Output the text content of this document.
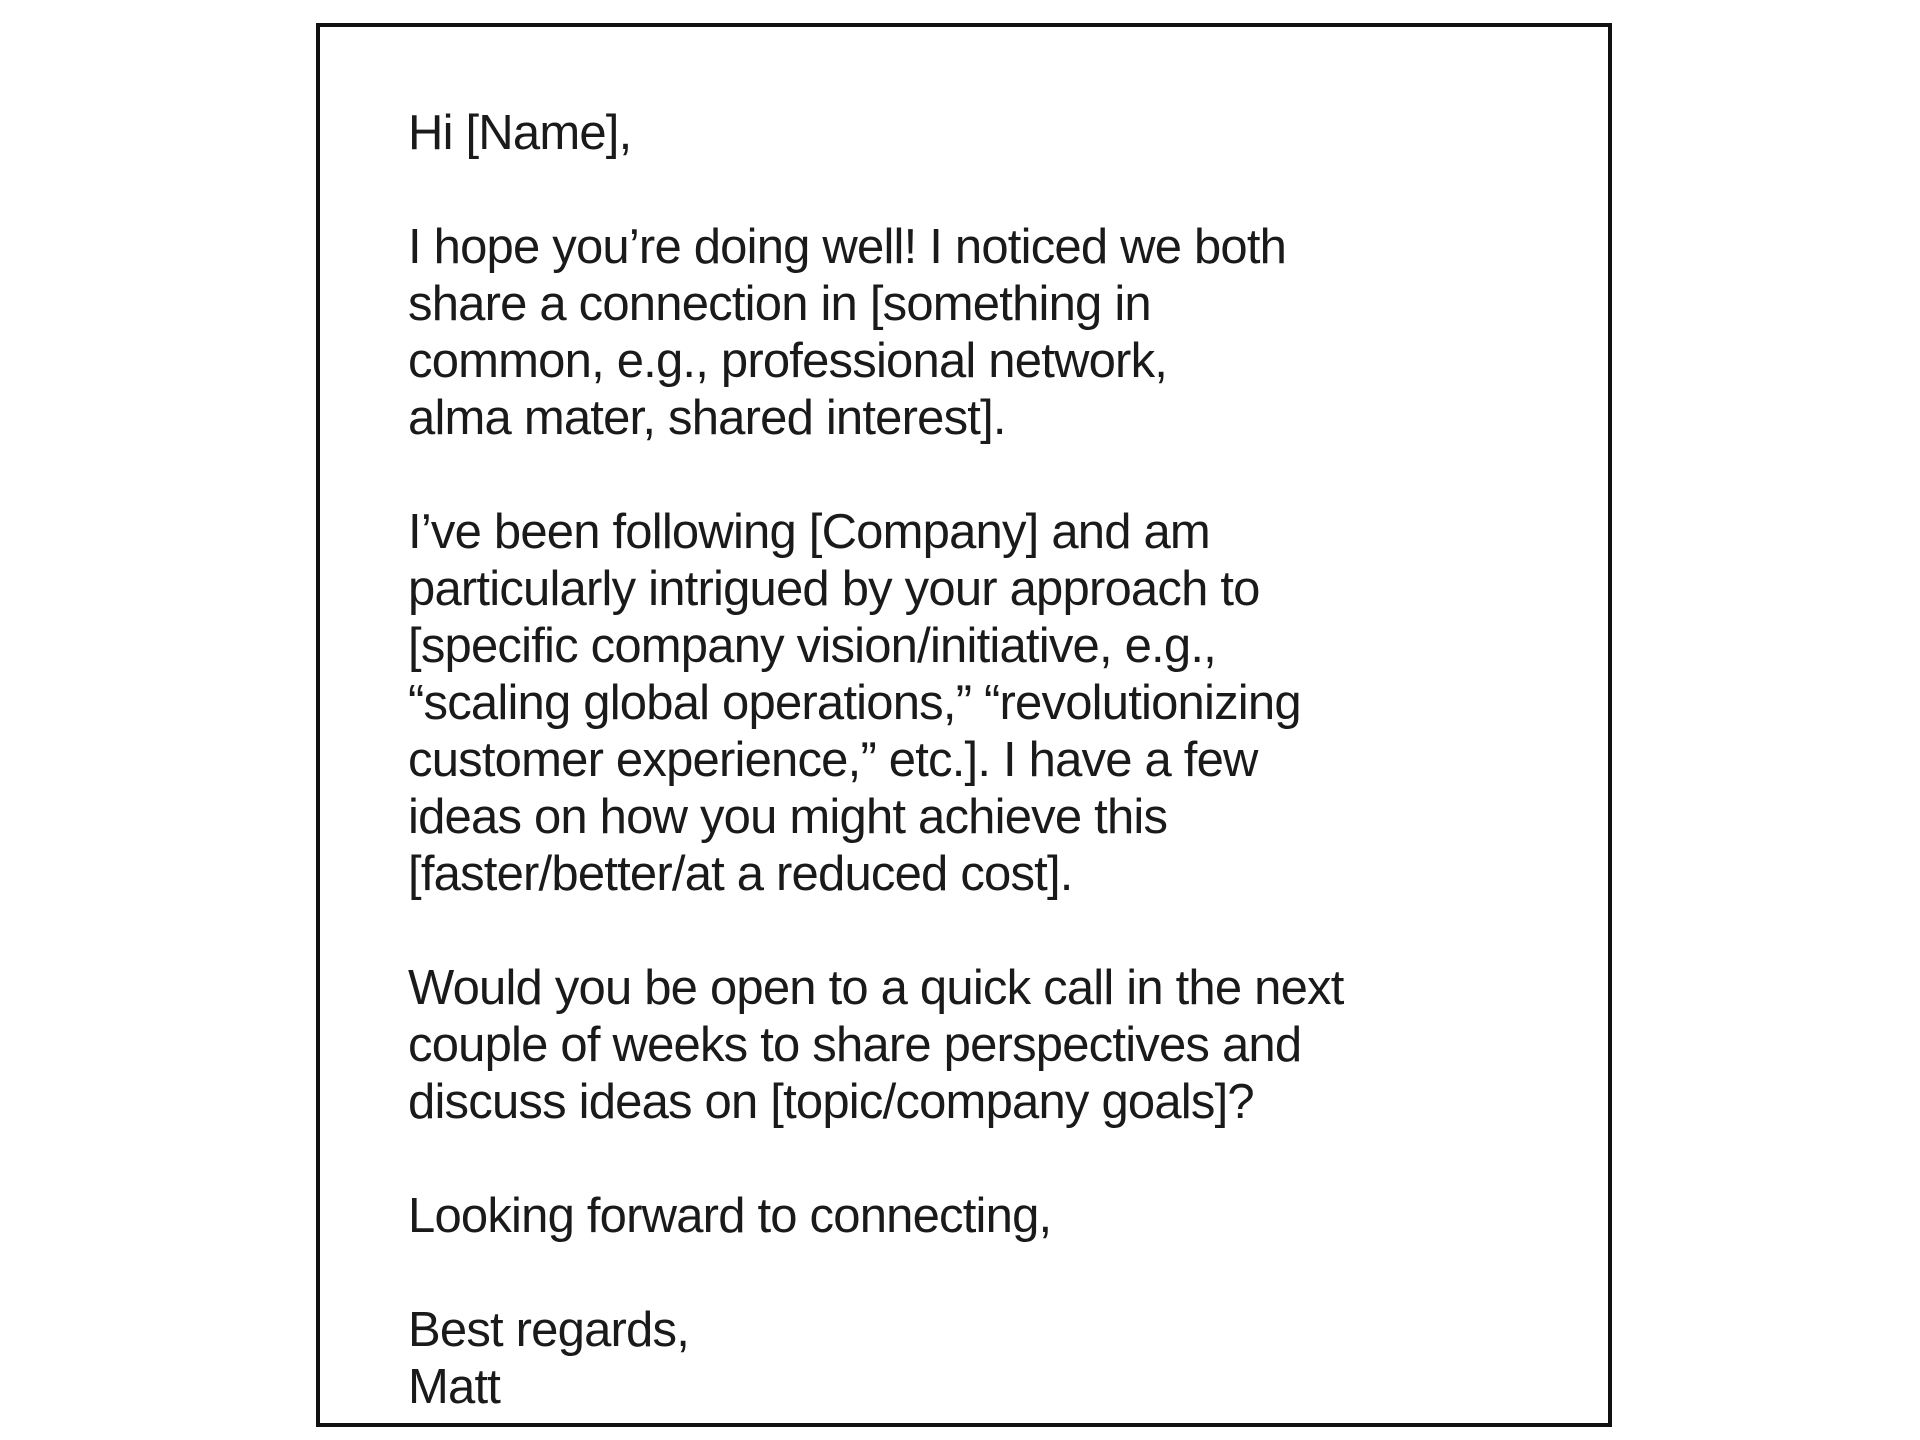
Hi [Name],

I hope you’re doing well! I noticed we both
share a connection in [something in
common, e.g., professional network,
alma mater, shared interest].

I’ve been following [Company] and am
particularly intrigued by your approach to
[specific company vision/initiative, e.g.,
“scaling global operations,” “revolutionizing
customer experience,” etc.]. I have a few
ideas on how you might achieve this
[faster/better/at a reduced cost].

Would you be open to a quick call in the next
couple of weeks to share perspectives and
discuss ideas on [topic/company goals]?

Looking forward to connecting,

Best regards,
Matt
